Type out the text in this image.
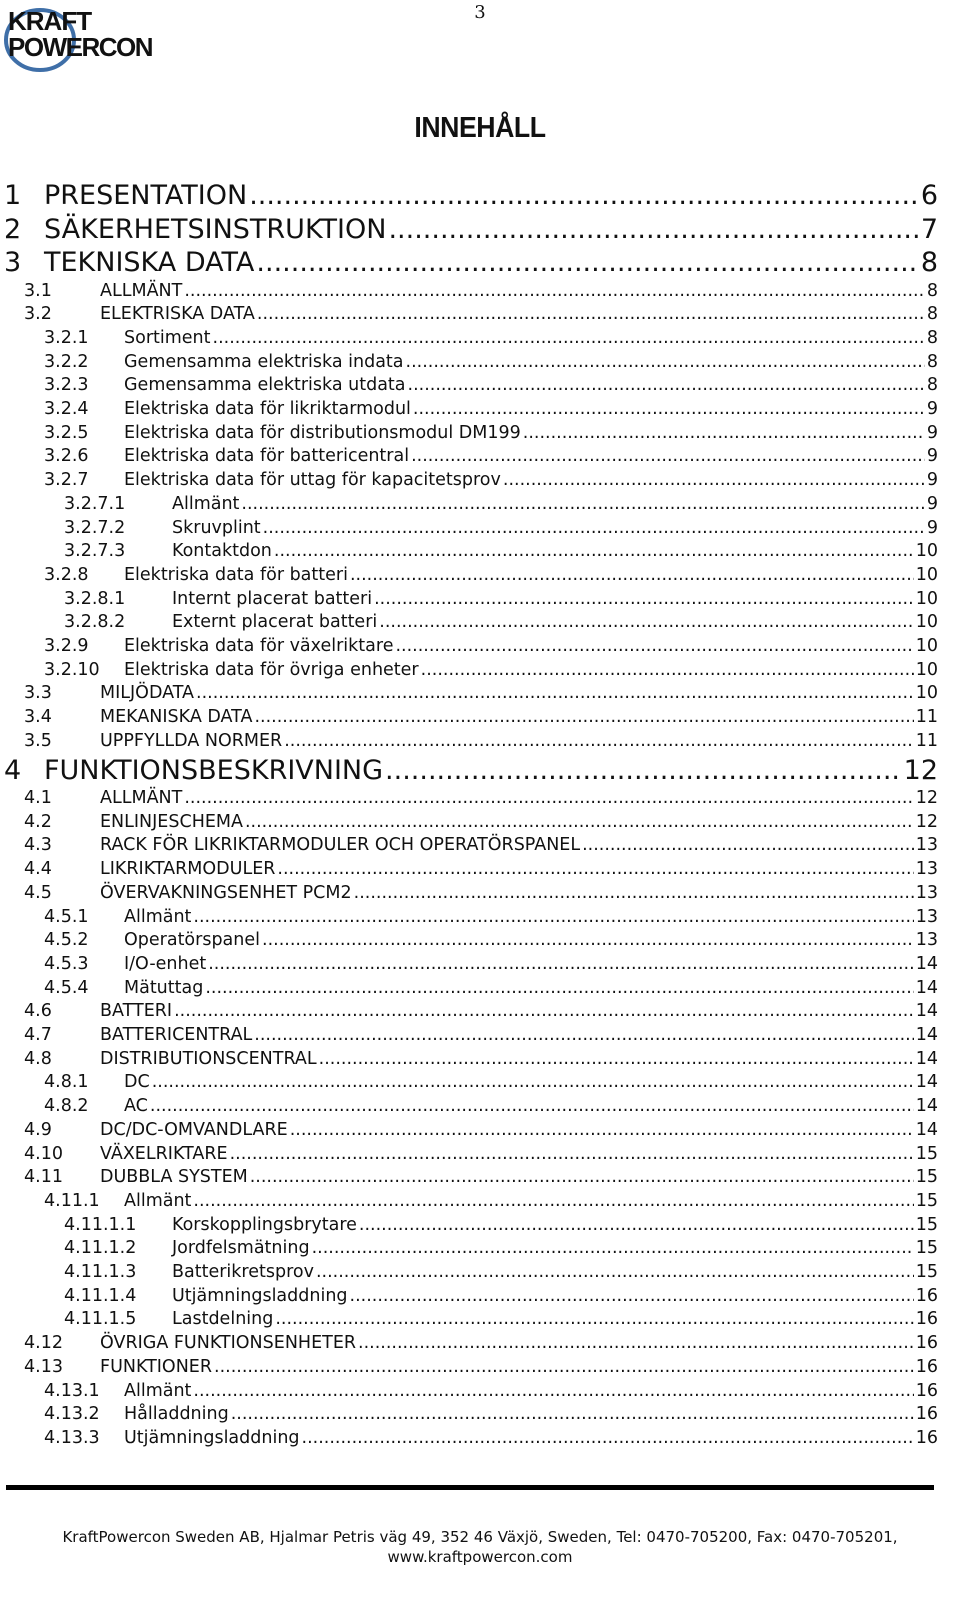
KRAFT
POWERCON
3
INNEHÅLL
1 PRESENTATION .....	6
2 SÄKERHETSINSTRUKTION .....	7
3 TEKNISKA DATA .....	8
3.1	ALLMÄNT .....	8
3.2	ELEKTRISKA DATA .....	8
3.2.1 Sortiment .....	8
3.2.2 Gemensamma elektriska indata .....	8
3.2.3 Gemensamma elektriska utdata .....	8
3.2.4 Elektriska data för likriktarmodul .....	9
3.2.5 Elektriska data för distributionsmodul DM199 .....	9
3.2.6 Elektriska data för battericentral .....	9
3.2.7 Elektriska data för uttag för kapacitetsprov .....	9
3.2.7.1	Allmänt .....	9
3.2.7.2	Skruvplint .....	9
3.2.7.3	Kontaktdon .....	10
3.2.8 Elektriska data för batteri .....	10
3.2.8.1	Internt placerat batteri .....	10
3.2.8.2	Externt placerat batteri .....	10
3.2.9 Elektriska data för växelriktare .....	10
3.2.10 Elektriska data för övriga enheter .....	10
3.3	MILJÖDATA .....	10
3.4	MEKANISKA DATA .....	11
3.5	UPPFYLLDA NORMER .....	11
4 FUNKTIONSBESKRIVNING .....	12
4.1	ALLMÄNT .....	12
4.2	ENLINJESCHEMA .....	12
4.3	RACK FÖR LIKRIKTARMODULER OCH OPERATÖRSPANEL .....	13
4.4	LIKRIKTARMODULER .....	13
4.5	ÖVERVAKNINGSENHET PCM2 .....	13
4.5.1 Allmänt .....	13
4.5.2 Operatörspanel .....	13
4.5.3 I/O-enhet .....	14
4.5.4 Mätuttag .....	14
4.6	BATTERI .....	14
4.7	BATTERICENTRAL .....	14
4.8	DISTRIBUTIONSCENTRAL .....	14
4.8.1 DC .....	14
4.8.2 AC .....	14
4.9	DC/DC-OMVANDLARE .....	14
4.10 VÄXELRIKTARE .....	15
4.11 DUBBLA SYSTEM .....	15
4.11.1 Allmänt .....	15
4.11.1.1 Korskopplingsbrytare .....	15
4.11.1.2 Jordfelsmätning .....	15
4.11.1.3 Batterikretsprov .....	15
4.11.1.4 Utjämningsladdning .....	16
4.11.1.5 Lastdelning .....	16
4.12 ÖVRIGA FUNKTIONSENHETER .....	16
4.13 FUNKTIONER .....	16
4.13.1 Allmänt .....	16
4.13.2 Hålladdning .....	16
4.13.3 Utjämningsladdning .....	16
KraftPowercon Sweden AB, Hjalmar Petris väg 49, 352 46 Växjö, Sweden, Tel: 0470-705200, Fax: 0470-705201,
www.kraftpowercon.com
